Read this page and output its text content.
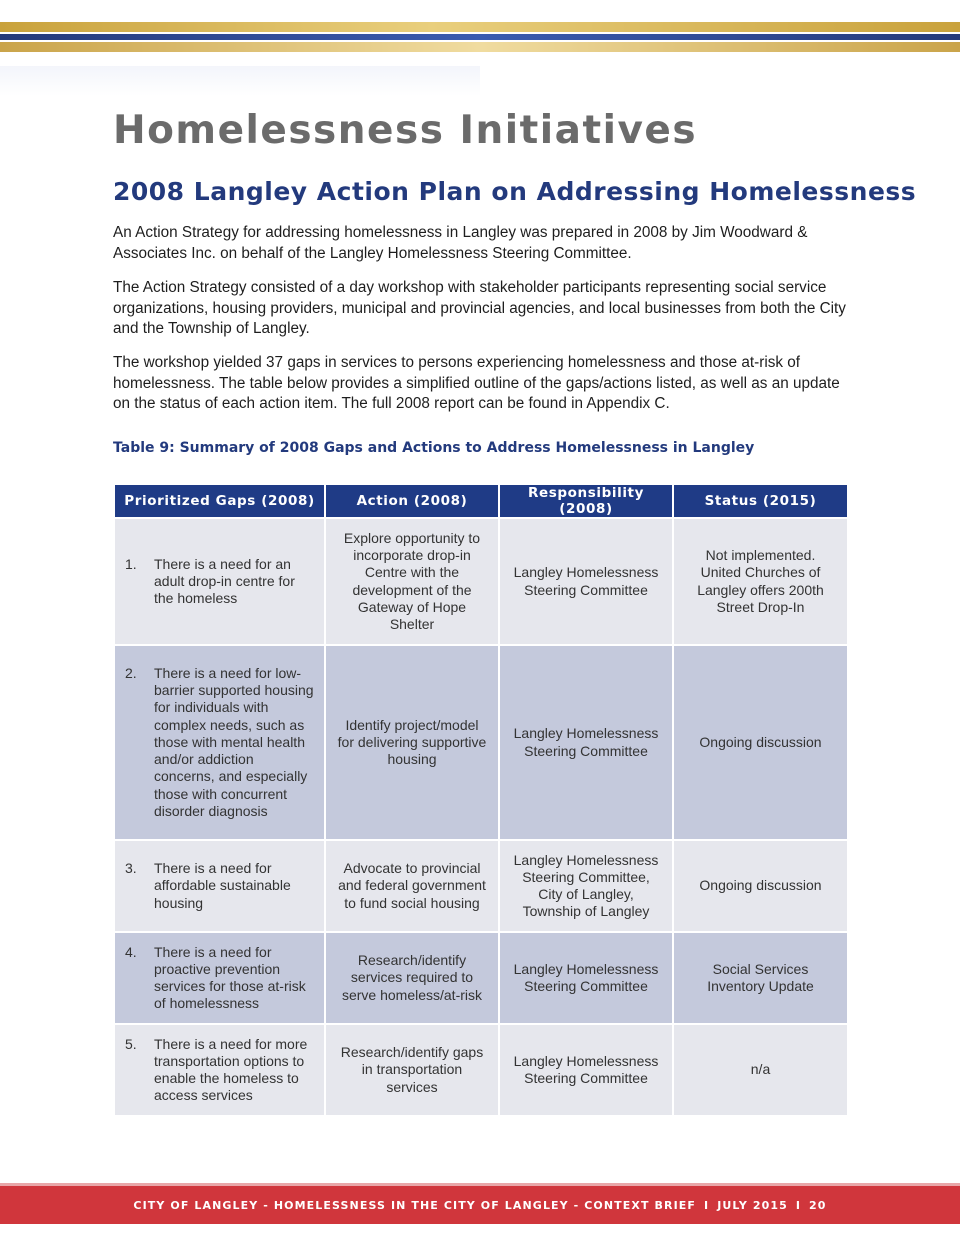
Homelessness Initiatives
2008 Langley Action Plan on Addressing Homelessness

An Action Strategy for addressing homelessness in Langley was prepared in 2008 by Jim Woodward & Associates Inc. on behalf of the Langley Homelessness Steering Committee.

The Action Strategy consisted of a day workshop with stakeholder participants representing social service organizations, housing providers, municipal and provincial agencies, and local businesses from both the City and the Township of Langley.

The workshop yielded 37 gaps in services to persons experiencing homelessness and those at-risk of homelessness. The table below provides a simplified outline of the gaps/actions listed, as well as an update on the status of each action item. The full 2008 report can be found in Appendix C.

Table 9: Summary of 2008 Gaps and Actions to Address Homelessness in Langley

Prioritized Gaps (2008)	Action (2008)	Responsibility (2008)	Status (2015)

1. There is a need for an adult drop-in centre for the homeless	Explore opportunity to incorporate drop-in Centre with the development of the Gateway of Hope Shelter	Langley Homelessness Steering Committee	Not implemented. United Churches of Langley offers 200th Street Drop-In

2. There is a need for low-barrier supported housing for individuals with complex needs, such as those with mental health and/or addiction concerns, and especially those with concurrent disorder diagnosis	Identify project/model for delivering supportive housing	Langley Homelessness Steering Committee	Ongoing discussion

3. There is a need for affordable sustainable housing	Advocate to provincial and federal government to fund social housing	Langley Homelessness Steering Committee, City of Langley, Township of Langley	Ongoing discussion

4. There is a need for proactive prevention services for those at-risk of homelessness	Research/identify services required to serve homeless/at-risk	Langley Homelessness Steering Committee	Social Services Inventory Update

5. There is a need for more transportation options to enable the homeless to access services	Research/identify gaps in transportation services	Langley Homelessness Steering Committee	n/a
CITY OF LANGLEY - HOMELESSNESS IN THE CITY OF LANGLEY - CONTEXT BRIEF I JULY 2015 I 20
